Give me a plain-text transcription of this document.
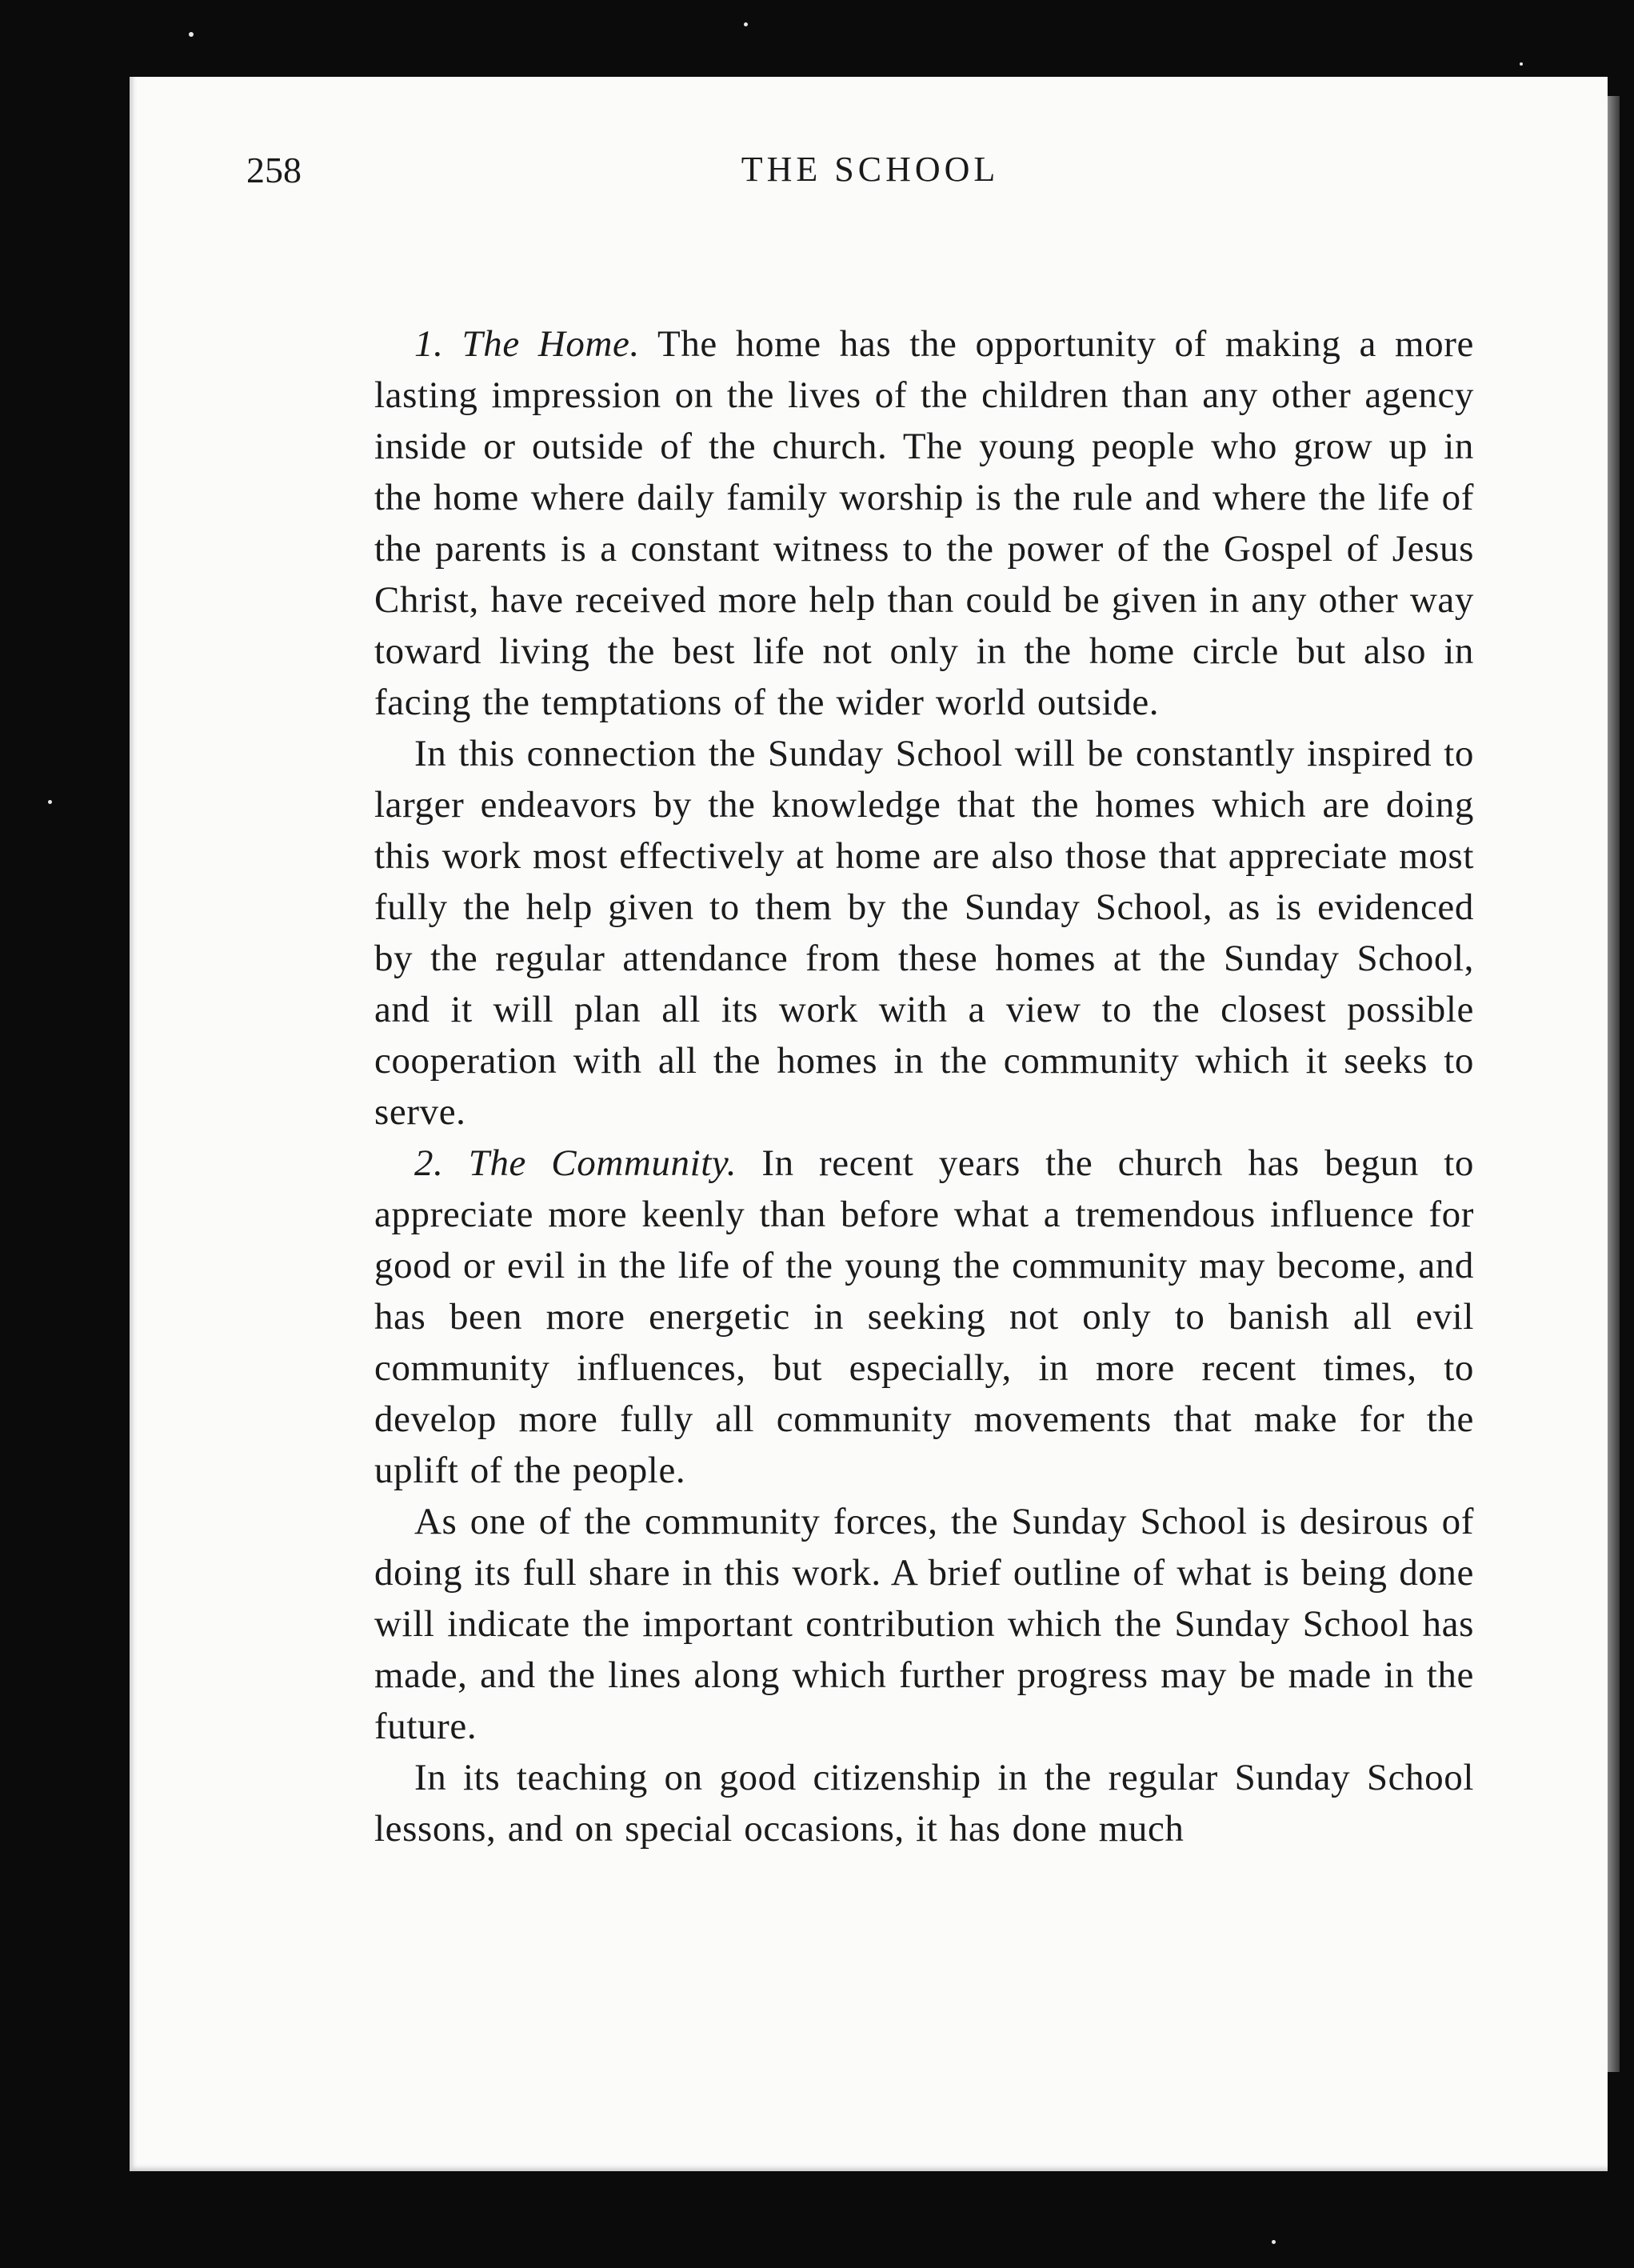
258	THE SCHOOL

1. The Home. The home has the opportunity of making a more lasting impression on the lives of the children than any other agency inside or outside of the church. The young people who grow up in the home where daily family worship is the rule and where the life of the parents is a constant witness to the power of the Gospel of Jesus Christ, have received more help than could be given in any other way toward living the best life not only in the home circle but also in facing the temptations of the wider world outside.

In this connection the Sunday School will be constantly inspired to larger endeavors by the knowledge that the homes which are doing this work most effectively at home are also those that appreciate most fully the help given to them by the Sunday School, as is evidenced by the regular attendance from these homes at the Sunday School, and it will plan all its work with a view to the closest possible cooperation with all the homes in the community which it seeks to serve.

2. The Community. In recent years the church has begun to appreciate more keenly than before what a tremendous influence for good or evil in the life of the young the community may become, and has been more energetic in seeking not only to banish all evil community influences, but especially, in more recent times, to develop more fully all community movements that make for the uplift of the people.

As one of the community forces, the Sunday School is desirous of doing its full share in this work. A brief outline of what is being done will indicate the important contribution which the Sunday School has made, and the lines along which further progress may be made in the future.

In its teaching on good citizenship in the regular Sunday School lessons, and on special occasions, it has done much
